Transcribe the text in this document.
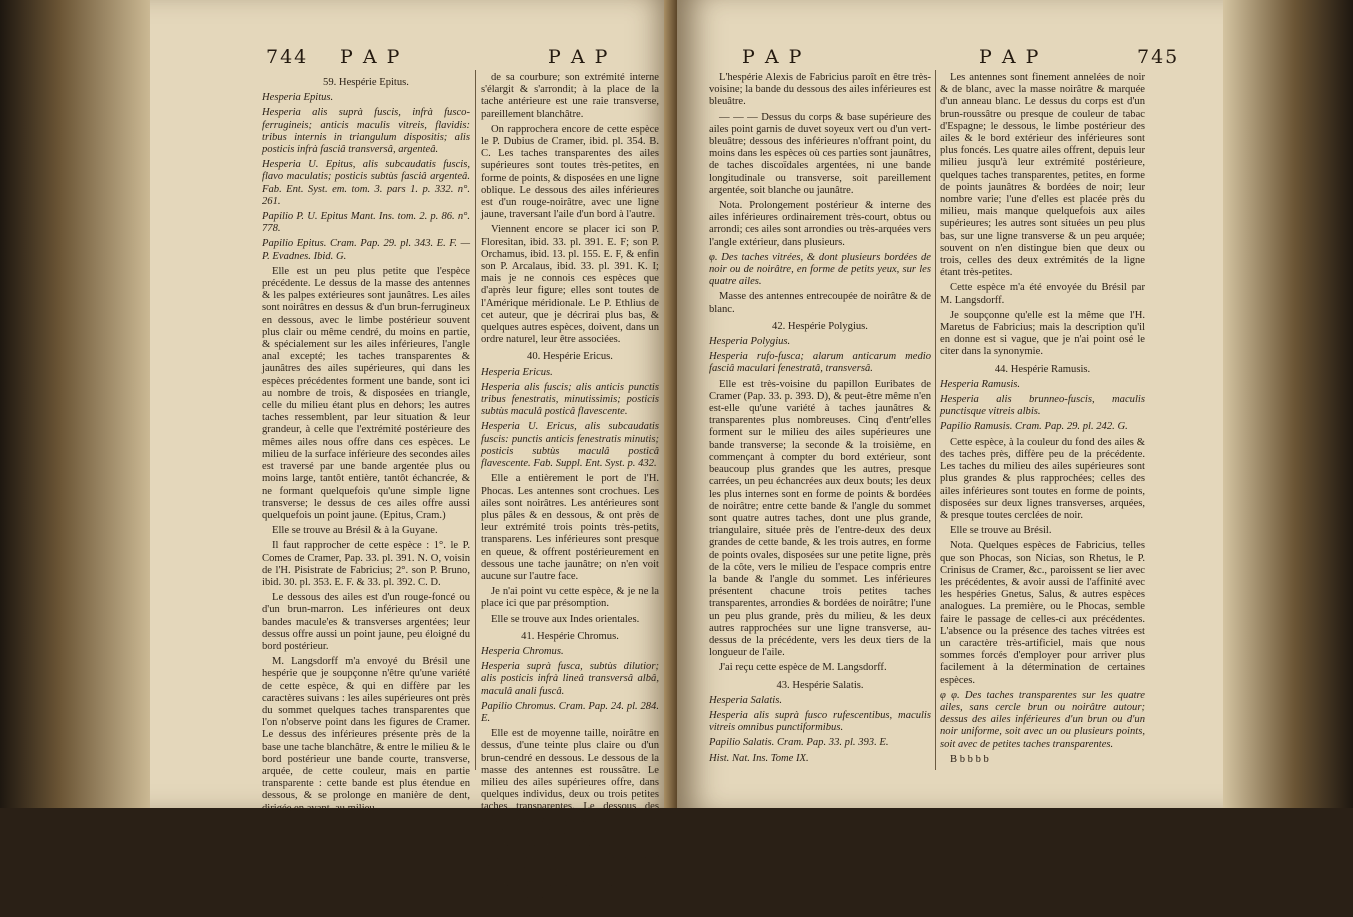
744 P A P	P A P

59. Hespérie Epitus.

Hesperia Epitus.

Hesperia alis suprà fuscis, infrà fusco-ferrugineis; anticis maculis vitreis, flavidis: tribus internis in triangulum dispositis; alis posticis infrà fasciâ transversâ, argenteâ.

Hesperia U. Epitus, alis subcaudatis fuscis, flavo maculatis; posticis subtùs fasciâ argenteâ. Fab. Ent. Syst. em. tom. 3. pars 1. p. 332. n°. 261.

Papilio P. U. Epitus Mant. Ins. tom. 2. p. 86. n°. 778.

Papilio Epitus. Cram. Pap. 29. pl. 343. E. F. — P. Evadnes. Ibid. G.

Elle est un peu plus petite que l'espèce précédente. Le dessus de la masse des antennes & les palpes extérieures sont jaunâtres. Les ailes sont noirâtres en dessus & d'un brun-ferrugineux en dessous, avec le limbe postérieur souvent plus clair ou même cendré, du moins en partie, & spécialement sur les ailes inférieures, l'angle anal excepté; les taches transparentes & jaunâtres des ailes supérieures, qui dans les espèces précédentes forment une bande, sont ici au nombre de trois, & disposées en triangle, celle du milieu étant plus en dehors; les autres taches ressemblent, par leur situation & leur grandeur, à celle que l'extrémité postérieure des mêmes ailes nous offre dans ces espèces. Le milieu de la surface inférieure des secondes ailes est traversé par une bande argentée plus ou moins large, tantôt entière, tantôt échancrée, & ne formant quelquefois qu'une simple ligne transverse; le dessus de ces ailes offre aussi quelquefois un point jaune. (Epitus, Cram.)

Elle se trouve au Brésil & à la Guyane.

Il faut rapprocher de cette espèce : 1°. le P. Comes de Cramer, Pap. 33. pl. 391. N. O, voisin de l'H. Pisistrate de Fabricius; 2°. son P. Bruno, ibid. 30. pl. 353. E. F. & 33. pl. 392. C. D.

Le dessous des ailes est d'un rouge-foncé ou d'un brun-marron. Les inférieures ont deux bandes macule'es & transverses argentées; leur dessus offre aussi un point jaune, peu éloigné du bord postérieur.

M. Langsdorff m'a envoyé du Brésil une hespérie que je soupçonne n'être qu'une variété de cette espèce, & qui en diffère par les caractères suivans : les ailes supérieures ont près du sommet quelques taches transparentes que l'on n'observe point dans les figures de Cramer. Le dessus des inférieures présente près de la base une tache blanchâtre, & entre le milieu & le bord postérieur une bande courte, transverse, arquée, de cette couleur, mais en partie transparente : cette bande est plus étendue en dessous, & se prolonge en manière de dent, dirigée en avant, au milieu

de sa courbure; son extrémité interne s'élargit & s'arrondit; à la place de la tache antérieure est une raie transverse, pareillement blanchâtre.

On rapprochera encore de cette espèce le P. Dubius de Cramer, ibid. pl. 354. B. C. Les taches transparentes des ailes supérieures sont toutes très-petites, en forme de points, & disposées en une ligne oblique. Le dessous des ailes inférieures est d'un rouge-noirâtre, avec une ligne jaune, traversant l'aile d'un bord à l'autre.

Viennent encore se placer ici son P. Floresitan, ibid. 33. pl. 391. E. F; son P. Orchamus, ibid. 13. pl. 155. E. F, & enfin son P. Arcalaus, ibid. 33. pl. 391. K. I; mais je ne connois ces espèces que d'après leur figure; elles sont toutes de l'Amérique méridionale. Le P. Ethlius de cet auteur, que je décrirai plus bas, & quelques autres espèces, doivent, dans un ordre naturel, leur être associées.

40. Hespérie Ericus.

Hesperia Ericus.

Hesperia alis fuscis; alis anticis punctis tribus fenestratis, minutissimis; posticis subtùs maculâ posticâ flavescente.

Hesperia U. Ericus, alis subcaudatis fuscis: punctis anticis fenestratis minutis; posticis subtùs maculâ posticâ flavescente. Fab. Suppl. Ent. Syst. p. 432.

Elle a entièrement le port de l'H. Phocas. Les antennes sont crochues. Les ailes sont noirâtres. Les antérieures sont plus pâles & en dessous, & ont près de leur extrémité trois points très-petits, transparens. Les inférieures sont presque en queue, & offrent postérieurement en dessous une tache jaunâtre; on n'en voit aucune sur l'autre face.

Je n'ai point vu cette espèce, & je ne la place ici que par présomption.

Elle se trouve aux Indes orientales.

41. Hespérie Chromus.

Hesperia Chromus.

Hesperia suprà fusca, subtùs dilutior; alis posticis infrà lineâ transversâ albâ, maculâ anali fuscâ.

Papilio Chromus. Cram. Pap. 24. pl. 284. E.

Elle est de moyenne taille, noirâtre en dessus, d'une teinte plus claire ou d'un brun-cendré en dessous. Le dessous de la masse des antennes est roussâtre. Le milieu des ailes supérieures offre, dans quelques individus, deux ou trois petites taches transparentes. Le dessous des inférieures est traversé de l'angle extérieur à l'angle anal, par une raie étroite, droite & blanchâtre. L'on voit sur l'angle anal une tache noirâtre, assez grande & alongée.

Elle se trouve, selon Cramer, à la côte de Coromandel.

L'hespérie

P A P	P A P	745

L'hespérie Alexis de Fabricius paroît en être très-voisine; la bande du dessous des ailes inférieures est bleuâtre.

— — — Dessus du corps & base supérieure des ailes point garnis de duvet soyeux vert ou d'un vert-bleuâtre; dessous des inférieures n'offrant point, du moins dans les espèces où ces parties sont jaunâtres, de taches discoïdales argentées, ni une bande longitudinale ou transverse, soit pareillement argentée, soit blanche ou jaunâtre.

Nota. Prolongement postérieur & interne des ailes inférieures ordinairement très-court, obtus ou arrondi; ces ailes sont arrondies ou très-arquées vers l'angle extérieur, dans plusieurs.

φ. Des taches vitrées, & dont plusieurs bordées de noir ou de noirâtre, en forme de petits yeux, sur les quatre ailes.

Masse des antennes entrecoupée de noirâtre & de blanc.

42. Hespérie Polygius.

Hesperia Polygius.

Hesperia rufo-fusca; alarum anticarum medio fasciâ maculari fenestratâ, transversâ.

Elle est très-voisine du papillon Euribates de Cramer (Pap. 33. p. 393. D), & peut-être même n'en est-elle qu'une variété à taches jaunâtres & transparentes plus nombreuses. Cinq d'entr'elles forment sur le milieu des ailes supérieures une bande transverse; la seconde & la troisième, en commençant à compter du bord extérieur, sont beaucoup plus grandes que les autres, presque carrées, un peu échancrées aux deux bouts; les deux les plus internes sont en forme de points & bordées de noirâtre; entre cette bande & l'angle du sommet sont quatre autres taches, dont une plus grande, triangulaire, située près de l'entre-deux des deux grandes de cette bande, & les trois autres, en forme de points ovales, disposées sur une petite ligne, près de la côte, vers le milieu de l'espace compris entre la bande & l'angle du sommet. Les inférieures présentent chacune trois petites taches transparentes, arrondies & bordées de noirâtre; l'une un peu plus grande, près du milieu, & les deux autres rapprochées sur une ligne transverse, au-dessus de la précédente, vers les deux tiers de la longueur de l'aile.

J'ai reçu cette espèce de M. Langsdorff.

43. Hespérie Salatis.

Hesperia Salatis.

Hesperia alis suprà fusco rufescentibus, maculis vitreis omnibus punctiformibus.

Papilio Salatis. Cram. Pap. 33. pl. 393. E.

Hist. Nat. Ins. Tome IX.

Les antennes sont finement annelées de noir & de blanc, avec la masse noirâtre & marquée d'un anneau blanc. Le dessus du corps est d'un brun-roussâtre ou presque de couleur de tabac d'Espagne; le dessous, le limbe postérieur des ailes & le bord extérieur des inférieures sont plus foncés. Les quatre ailes offrent, depuis leur milieu jusqu'à leur extrémité postérieure, quelques taches transparentes, petites, en forme de points jaunâtres & bordées de noir; leur nombre varie; l'une d'elles est placée près du milieu, mais manque quelquefois aux ailes supérieures; les autres sont situées un peu plus bas, sur une ligne transverse & un peu arquée; souvent on n'en distingue bien que deux ou trois, celles des deux extrémités de la ligne étant très-petites.

Cette espèce m'a été envoyée du Brésil par M. Langsdorff.

Je soupçonne qu'elle est la même que l'H. Maretus de Fabricius; mais la description qu'il en donne est si vague, que je n'ai point osé le citer dans la synonymie.

44. Hespérie Ramusis.

Hesperia Ramusis.

Hesperia alis brunneo-fuscis, maculis punctisque vitreis albis.

Papilio Ramusis. Cram. Pap. 29. pl. 242. G.

Cette espèce, à la couleur du fond des ailes & des taches près, diffère peu de la précédente. Les taches du milieu des ailes supérieures sont plus grandes & plus rapprochées; celles des ailes inférieures sont toutes en forme de points, disposées sur deux lignes transverses, arquées, & presque toutes cerclées de noir.

Elle se trouve au Brésil.

Nota. Quelques espèces de Fabricius, telles que son Phocas, son Nicias, son Rhetus, le P. Crinisus de Cramer, &c., paroissent se lier avec les précédentes, & avoir aussi de l'affinité avec les hespéries Gnetus, Salus, & autres espèces analogues. La première, ou le Phocas, semble faire le passage de celles-ci aux précédentes. L'absence ou la présence des taches vitrées est un caractère très-artificiel, mais que nous sommes forcés d'employer pour arriver plus facilement à la détermination de certaines espèces.

φ φ. Des taches transparentes sur les quatre ailes, sans cercle brun ou noirâtre autour; dessus des ailes inférieures d'un brun ou d'un noir uniforme, soit avec un ou plusieurs points, soit avec de petites taches transparentes.

B b b b b
